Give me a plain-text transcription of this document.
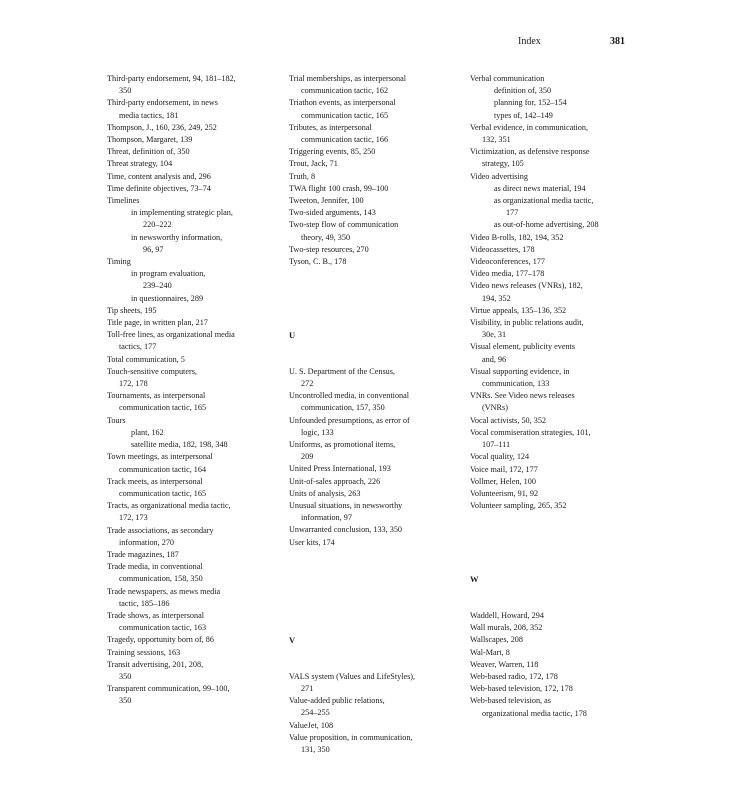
Index	381
Third-party endorsement, 94, 181–182,
350
Third-party endorsement, in news
media tactics, 181
Thompson, J., 160, 236, 249, 252
Thompson, Margaret, 139
Threat, definition of, 350
Threat strategy, 104
Time, content analysis and, 296
Time definite objectives, 73–74
Timelines
in implementing strategic plan,
220–222
in newsworthy information,
96, 97
Timing
in program evaluation,
239–240
in questionnaires, 289
Tip sheets, 195
Title page, in written plan, 217
Toll-free lines, as organizational media
tactics, 177
Total communication, 5
Touch-sensitive computers,
172, 178
Tournaments, as interpersonal
communication tactic, 165
Tours
plant, 162
satellite media, 182, 198, 348
Town meetings, as interpersonal
communication tactic, 164
Track meets, as interpersonal
communication tactic, 165
Tracts, as organizational media tactic,
172, 173
Trade associations, as secondary
information, 270
Trade magazines, 187
Trade media, in conventional
communication, 158, 350
Trade newspapers, as mews media
tactic, 185–186
Trade shows, as interpersonal
communication tactic, 163
Tragedy, opportunity born of, 86
Training sessions, 163
Transit advertising, 201, 208,
350
Transparent communication, 99–100,
350
Trial memberships, as interpersonal
communication tactic, 162
Triathon events, as interpersonal
communication tactic, 165
Tributes, as interpersonal
communication tactic, 166
Triggering events, 85, 250
Trout, Jack, 71
Truth, 8
TWA flight 100 crash, 99–100
Tweeton, Jennifer, 100
Two-sided arguments, 143
Two-step flow of communication
theory, 49, 350
Two-step resources, 270
Tyson, C. B., 178
U
U. S. Department of the Census,
272
Uncontrolled media, in conventional
communication, 157, 350
Unfounded presumptions, as error of
logic, 133
Uniforms, as promotional items,
209
United Press International, 193
Unit-of-sales approach, 226
Units of analysis, 263
Unusual situations, in newsworthy
information, 97
Unwarranted conclusion, 133, 350
User kits, 174
V
VALS system (Values and LifeStyles),
271
Value-added public relations,
254–255
ValueJet, 108
Value proposition, in communication,
131, 350
Verbal communication
definition of, 350
planning for, 152–154
types of, 142–149
Verbal evidence, in communication,
132, 351
Victimization, as defensive response
strategy, 105
Video advertising
as direct news material, 194
as organizational media tactic,
177
as out-of-home advertising, 208
Video B-rolls, 182, 194, 352
Videocassettes, 178
Videoconferences, 177
Video media, 177–178
Video news releases (VNRs), 182,
194, 352
Virtue appeals, 135–136, 352
Visibility, in public relations audit,
30e, 31
Visual element, publicity events
and, 96
Visual supporting evidence, in
communication, 133
VNRs. See Video news releases
(VNRs)
Vocal activists, 50, 352
Vocal commiseration strategies, 101,
107–111
Vocal quality, 124
Voice mail, 172, 177
Vollmer, Helen, 100
Volunteerism, 91, 92
Volunteer sampling, 265, 352
W
Waddell, Howard, 294
Wall murals, 208, 352
Wallscapes, 208
Wal-Mart, 8
Weaver, Warren, 118
Web-based radio, 172, 178
Web-based television, 172, 178
Web-based television, as
organizational media tactic, 178
